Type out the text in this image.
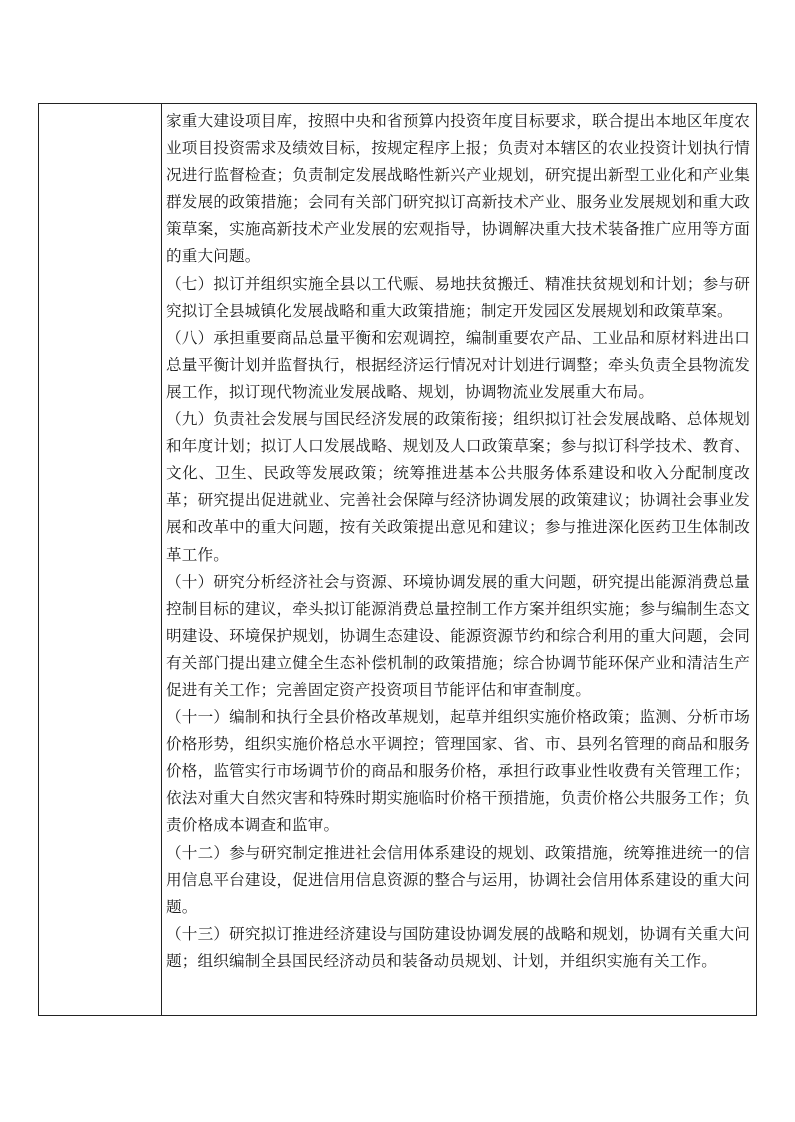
家重大建设项目库，按照中央和省预算内投资年度目标要求，联合提出本地区年度农业项目投资需求及绩效目标，按规定程序上报；负责对本辖区的农业投资计划执行情况进行监督检查；负责制定发展战略性新兴产业规划，研究提出新型工业化和产业集群发展的政策措施；会同有关部门研究拟订高新技术产业、服务业发展规划和重大政策草案，实施高新技术产业发展的宏观指导，协调解决重大技术装备推广应用等方面的重大问题。

（七）拟订并组织实施全县以工代赈、易地扶贫搬迁、精准扶贫规划和计划；参与研究拟订全县城镇化发展战略和重大政策措施；制定开发园区发展规划和政策草案。

（八）承担重要商品总量平衡和宏观调控，编制重要农产品、工业品和原材料进出口总量平衡计划并监督执行，根据经济运行情况对计划进行调整；牵头负责全县物流发展工作，拟订现代物流业发展战略、规划，协调物流业发展重大布局。

（九）负责社会发展与国民经济发展的政策衔接；组织拟订社会发展战略、总体规划和年度计划；拟订人口发展战略、规划及人口政策草案；参与拟订科学技术、教育、文化、卫生、民政等发展政策；统筹推进基本公共服务体系建设和收入分配制度改革；研究提出促进就业、完善社会保障与经济协调发展的政策建议；协调社会事业发展和改革中的重大问题，按有关政策提出意见和建议；参与推进深化医药卫生体制改革工作。

（十）研究分析经济社会与资源、环境协调发展的重大问题，研究提出能源消费总量控制目标的建议，牵头拟订能源消费总量控制工作方案并组织实施；参与编制生态文明建设、环境保护规划，协调生态建设、能源资源节约和综合利用的重大问题，会同有关部门提出建立健全生态补偿机制的政策措施；综合协调节能环保产业和清洁生产促进有关工作；完善固定资产投资项目节能评估和审查制度。

（十一）编制和执行全县价格改革规划，起草并组织实施价格政策；监测、分析市场价格形势，组织实施价格总水平调控；管理国家、省、市、县列名管理的商品和服务价格，监管实行市场调节价的商品和服务价格，承担行政事业性收费有关管理工作；依法对重大自然灾害和特殊时期实施临时价格干预措施，负责价格公共服务工作；负责价格成本调查和监审。

（十二）参与研究制定推进社会信用体系建设的规划、政策措施，统筹推进统一的信用信息平台建设，促进信用信息资源的整合与运用，协调社会信用体系建设的重大问题。

（十三）研究拟订推进经济建设与国防建设协调发展的战略和规划，协调有关重大问题；组织编制全县国民经济动员和装备动员规划、计划，并组织实施有关工作。
